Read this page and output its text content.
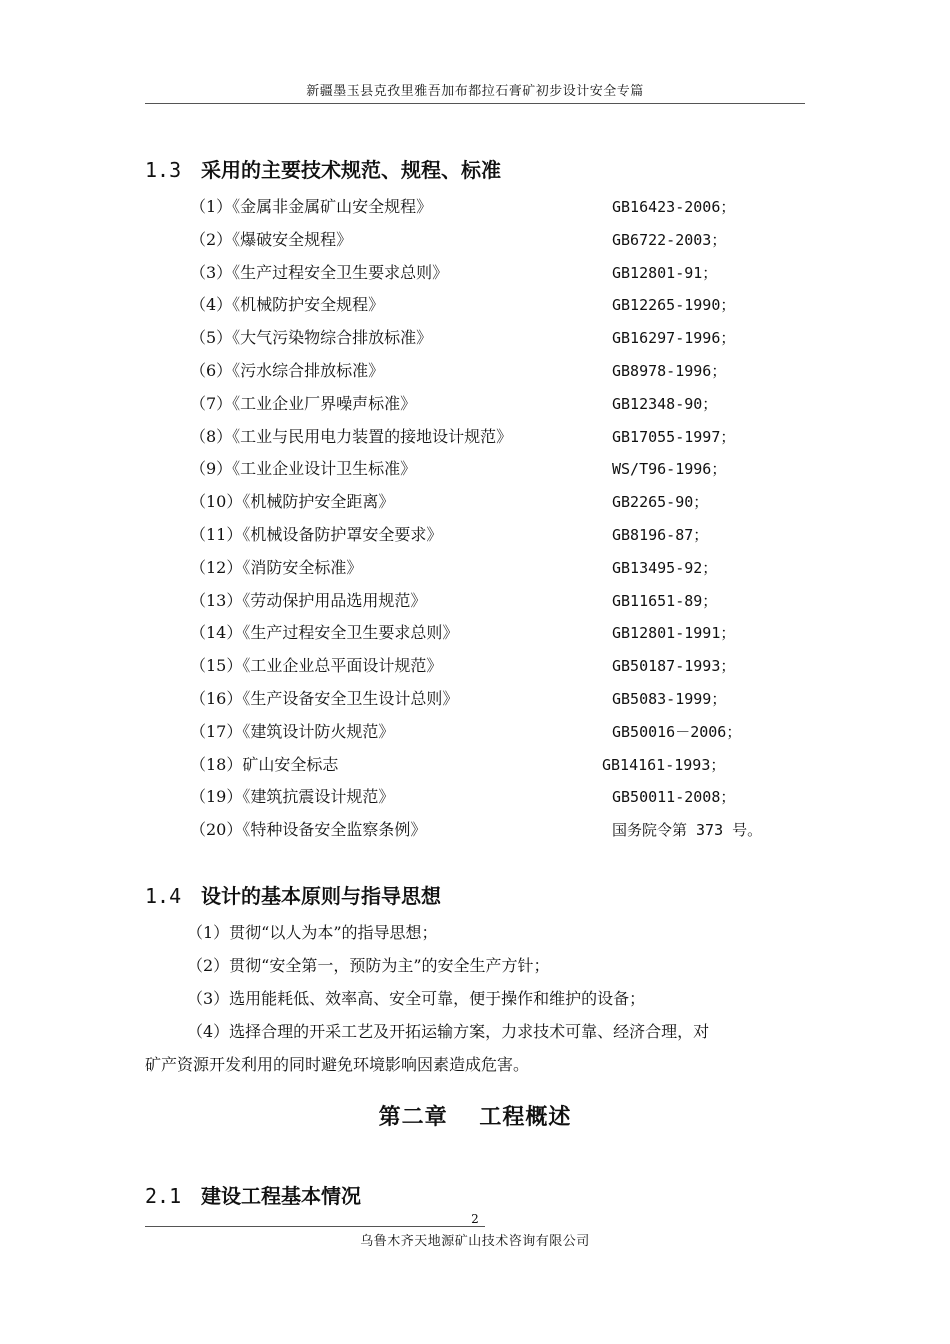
新疆墨玉县克孜里雅吾加布都拉石膏矿初步设计安全专篇
1.3 采用的主要技术规范、规程、标准
（1）《金属非金属矿山安全规程》	GB16423-2006；
（2）《爆破安全规程》	GB6722-2003；
（3）《生产过程安全卫生要求总则》	GB12801-91；
（4）《机械防护安全规程》	GB12265-1990；
（5）《大气污染物综合排放标准》	GB16297-1996；
（6）《污水综合排放标准》	GB8978-1996；
（7）《工业企业厂界噪声标准》	GB12348-90；
（8）《工业与民用电力装置的接地设计规范》	GB17055-1997；
（9）《工业企业设计卫生标准》	WS/T96-1996；
（10）《机械防护安全距离》	GB2265-90；
（11）《机械设备防护罩安全要求》	GB8196-87；
（12）《消防安全标准》	GB13495-92；
（13）《劳动保护用品选用规范》	GB11651-89；
（14）《生产过程安全卫生要求总则》	GB12801-1991；
（15）《工业企业总平面设计规范》	GB50187-1993；
（16）《生产设备安全卫生设计总则》	GB5083-1999；
（17）《建筑设计防火规范》	GB50016－2006；
（18）矿山安全标志	GB14161-1993；
（19）《建筑抗震设计规范》	GB50011-2008；
（20）《特种设备安全监察条例》	国务院令第 373 号。
1.4 设计的基本原则与指导思想

（1）贯彻“以人为本”的指导思想；

（2）贯彻“安全第一，预防为主”的安全生产方针；

（3）选用能耗低、效率高、安全可靠，便于操作和维护的设备；

（4）选择合理的开采工艺及开拓运输方案，力求技术可靠、经济合理，对

矿产资源开发利用的同时避免环境影响因素造成危害。

第二章　 工程概述
2.1 建设工程基本情况
2
乌鲁木齐天地源矿山技术咨询有限公司
